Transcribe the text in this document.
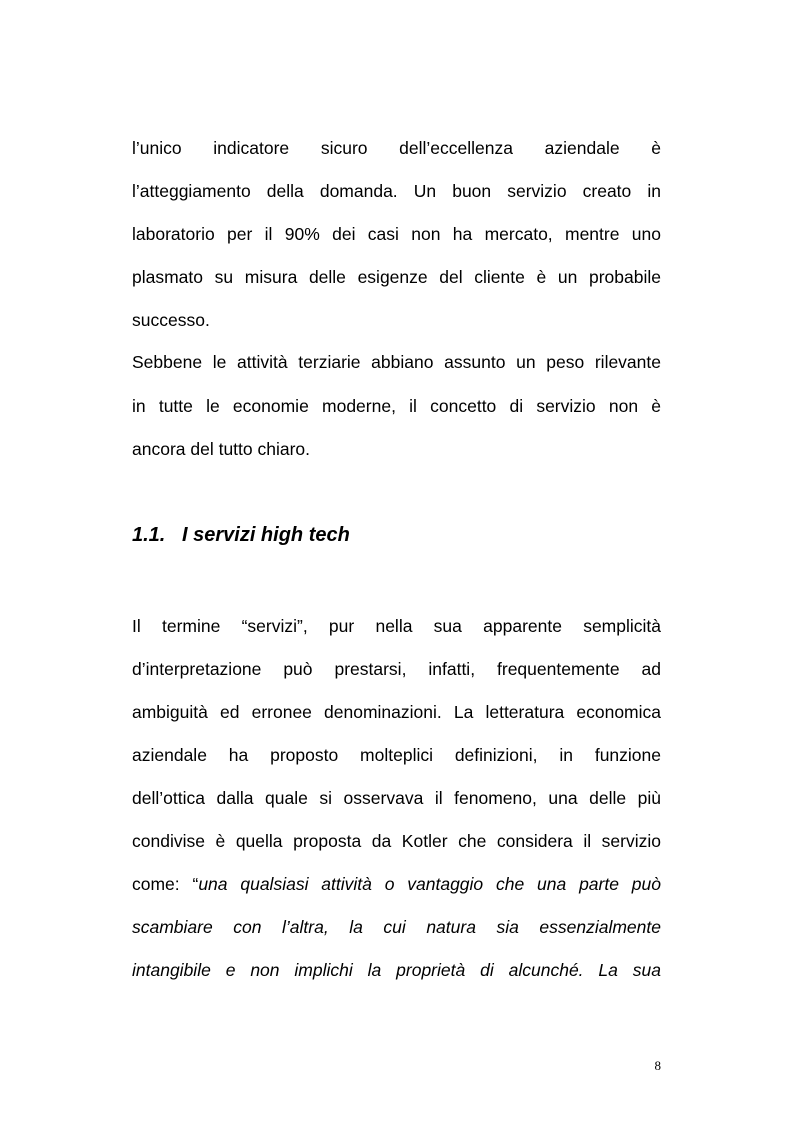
l’unico indicatore sicuro dell’eccellenza aziendale è
l’atteggiamento della domanda. Un buon servizio creato in
laboratorio per il 90% dei casi non ha mercato, mentre uno
plasmato su misura delle esigenze del cliente è un probabile
successo.
Sebbene le attività terziarie abbiano assunto un peso rilevante
in tutte le economie moderne, il concetto di servizio non è
ancora del tutto chiaro.
1.1. I servizi high tech
Il termine “servizi”, pur nella sua apparente semplicità
d’interpretazione può prestarsi, infatti, frequentemente ad
ambiguità ed erronee denominazioni. La letteratura economica
aziendale ha proposto molteplici definizioni, in funzione
dell’ottica dalla quale si osservava il fenomeno, una delle più
condivise è quella proposta da Kotler che considera il servizio
come: “una qualsiasi attività o vantaggio che una parte può
scambiare con l’altra, la cui natura sia essenzialmente
intangibile e non implichi la proprietà di alcunché. La sua
8
